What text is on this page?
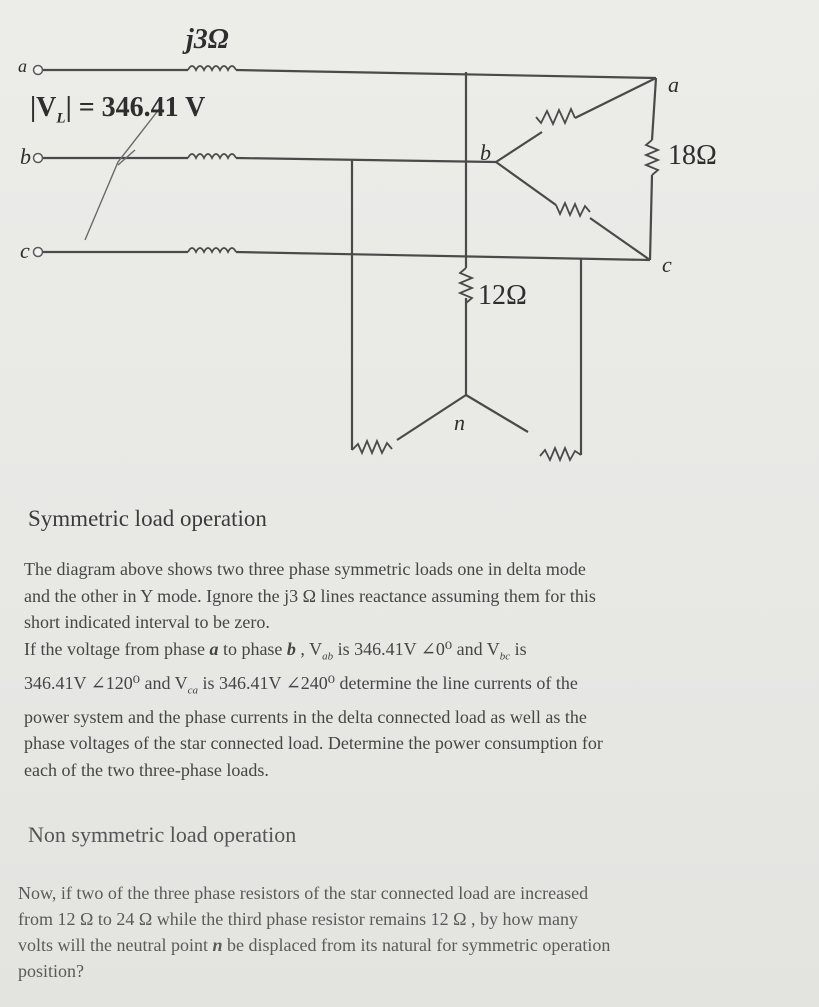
j3Ω
$|V_L| = 346.41$ V
a
b
c
a
b
c
18Ω
12Ω
n
Symmetric load operation
The diagram above shows two three phase symmetric loads one in delta mode
and the other in Y mode. Ignore the j3 Ω lines reactance assuming them for this
short indicated interval to be zero.
If the voltage from phase a to phase b , $V_{ab}$ is 346.41V ∠0⁰ and $V_{bc}$ is
346.41V ∠120⁰ and $V_{ca}$ is 346.41V ∠240⁰ determine the line currents of the
power system and the phase currents in the delta connected load as well as the
phase voltages of the star connected load. Determine the power consumption for
each of the two three-phase loads.
Non symmetric load operation
Now, if two of the three phase resistors of the star connected load are increased
from 12 Ω to 24 Ω while the third phase resistor remains 12 Ω , by how many
volts will the neutral point n be displaced from its natural for symmetric operation
position?
